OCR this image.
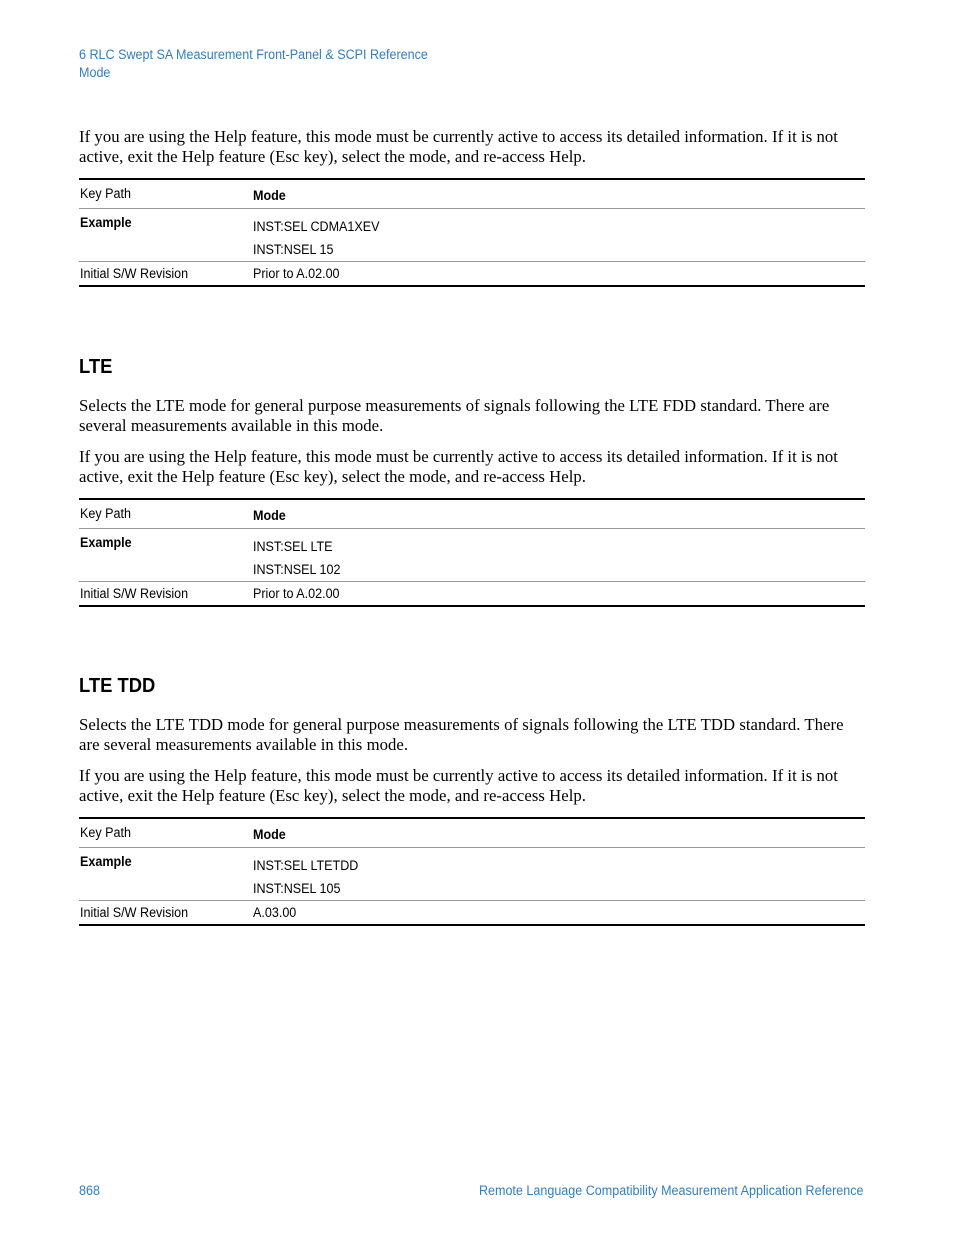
6 RLC Swept SA Measurement Front-Panel & SCPI Reference
Mode

If you are using the Help feature, this mode must be currently active to access its detailed information. If it is not active, exit the Help feature (Esc key), select the mode, and re-access Help.

Key Path	Mode

Example	INST:SEL CDMA1XEV
INST:NSEL 15

Initial S/W Revision	Prior to A.02.00
LTE

Selects the LTE mode for general purpose measurements of signals following the LTE FDD standard. There are several measurements available in this mode.

If you are using the Help feature, this mode must be currently active to access its detailed information. If it is not active, exit the Help feature (Esc key), select the mode, and re-access Help.

Key Path	Mode

Example	INST:SEL LTE
INST:NSEL 102

Initial S/W Revision	Prior to A.02.00
LTE TDD

Selects the LTE TDD mode for general purpose measurements of signals following the LTE TDD standard. There are several measurements available in this mode.

If you are using the Help feature, this mode must be currently active to access its detailed information. If it is not active, exit the Help feature (Esc key), select the mode, and re-access Help.

Key Path	Mode

Example	INST:SEL LTETDD
INST:NSEL 105

Initial S/W Revision	A.03.00
868	Remote Language Compatibility Measurement Application Reference
